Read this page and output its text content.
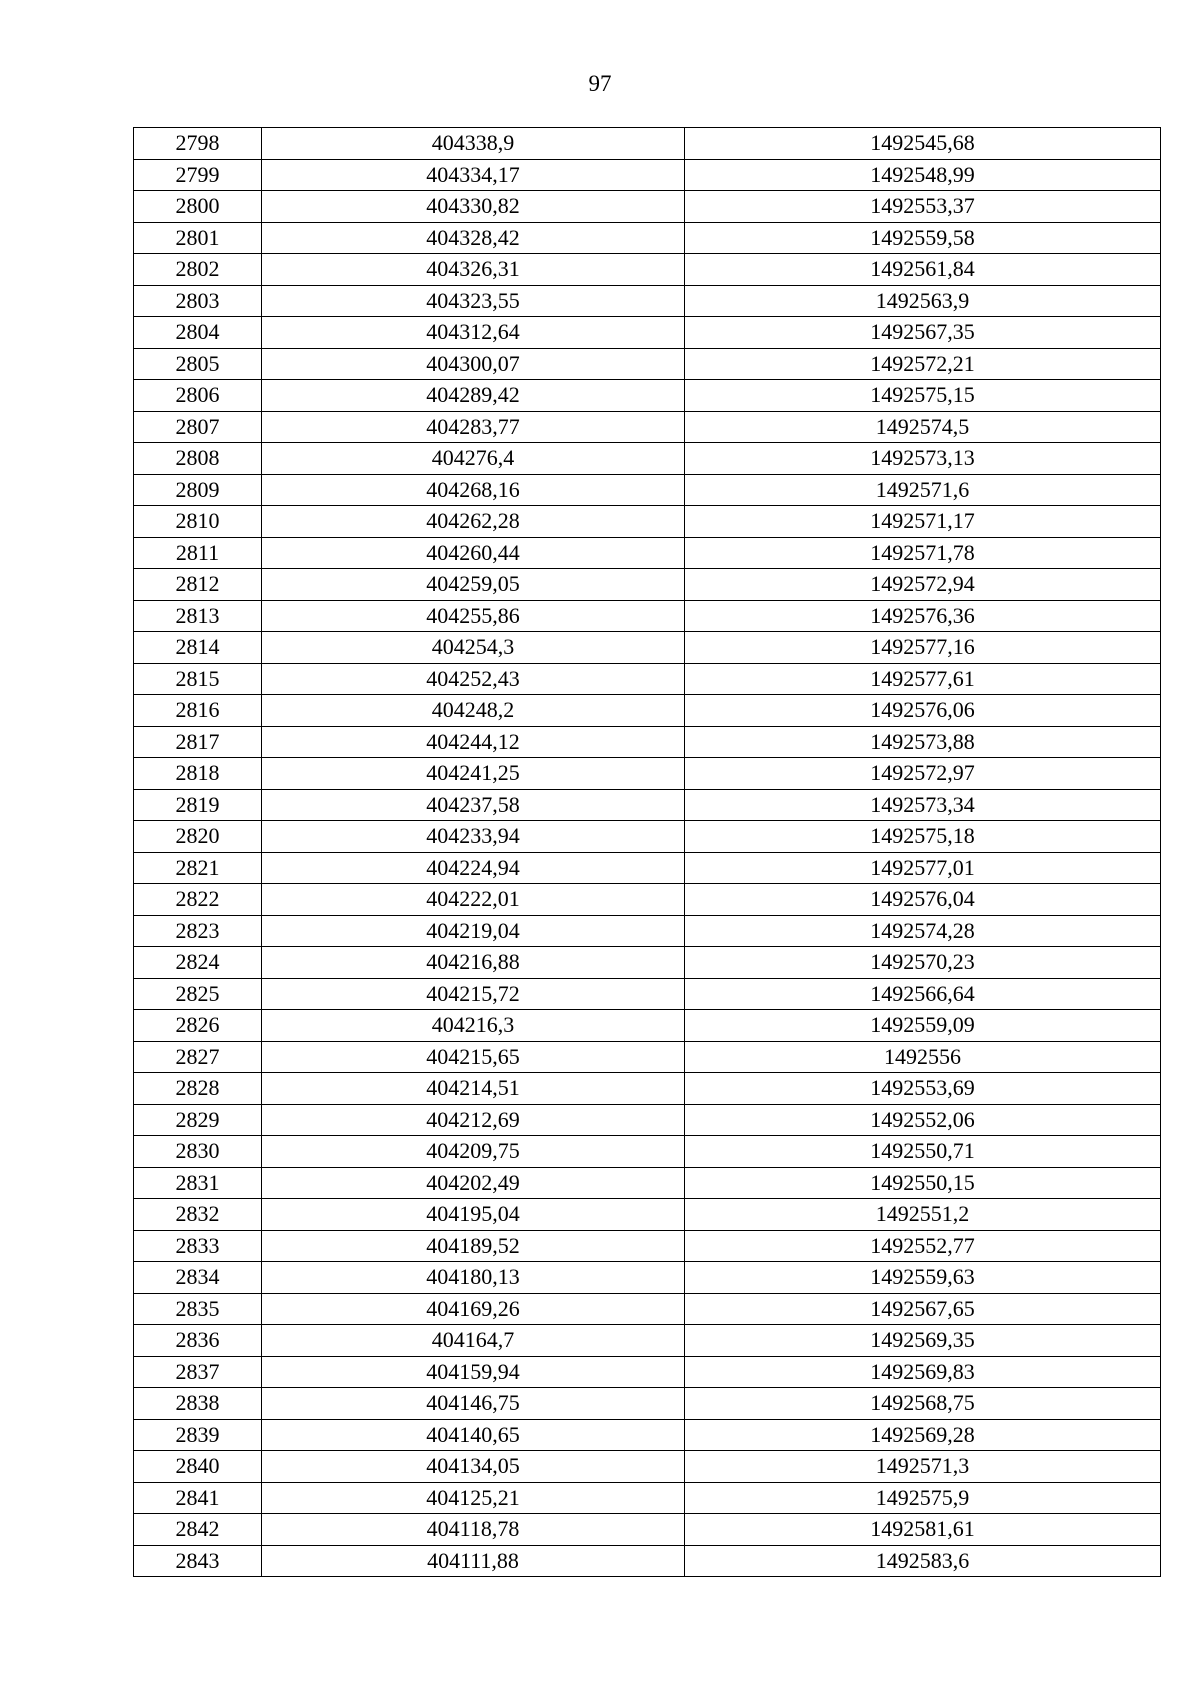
97
2798	404338,9	1492545,68
2799	404334,17	1492548,99
2800	404330,82	1492553,37
2801	404328,42	1492559,58
2802	404326,31	1492561,84
2803	404323,55	1492563,9
2804	404312,64	1492567,35
2805	404300,07	1492572,21
2806	404289,42	1492575,15
2807	404283,77	1492574,5
2808	404276,4	1492573,13
2809	404268,16	1492571,6
2810	404262,28	1492571,17
2811	404260,44	1492571,78
2812	404259,05	1492572,94
2813	404255,86	1492576,36
2814	404254,3	1492577,16
2815	404252,43	1492577,61
2816	404248,2	1492576,06
2817	404244,12	1492573,88
2818	404241,25	1492572,97
2819	404237,58	1492573,34
2820	404233,94	1492575,18
2821	404224,94	1492577,01
2822	404222,01	1492576,04
2823	404219,04	1492574,28
2824	404216,88	1492570,23
2825	404215,72	1492566,64
2826	404216,3	1492559,09
2827	404215,65	1492556
2828	404214,51	1492553,69
2829	404212,69	1492552,06
2830	404209,75	1492550,71
2831	404202,49	1492550,15
2832	404195,04	1492551,2
2833	404189,52	1492552,77
2834	404180,13	1492559,63
2835	404169,26	1492567,65
2836	404164,7	1492569,35
2837	404159,94	1492569,83
2838	404146,75	1492568,75
2839	404140,65	1492569,28
2840	404134,05	1492571,3
2841	404125,21	1492575,9
2842	404118,78	1492581,61
2843	404111,88	1492583,6
